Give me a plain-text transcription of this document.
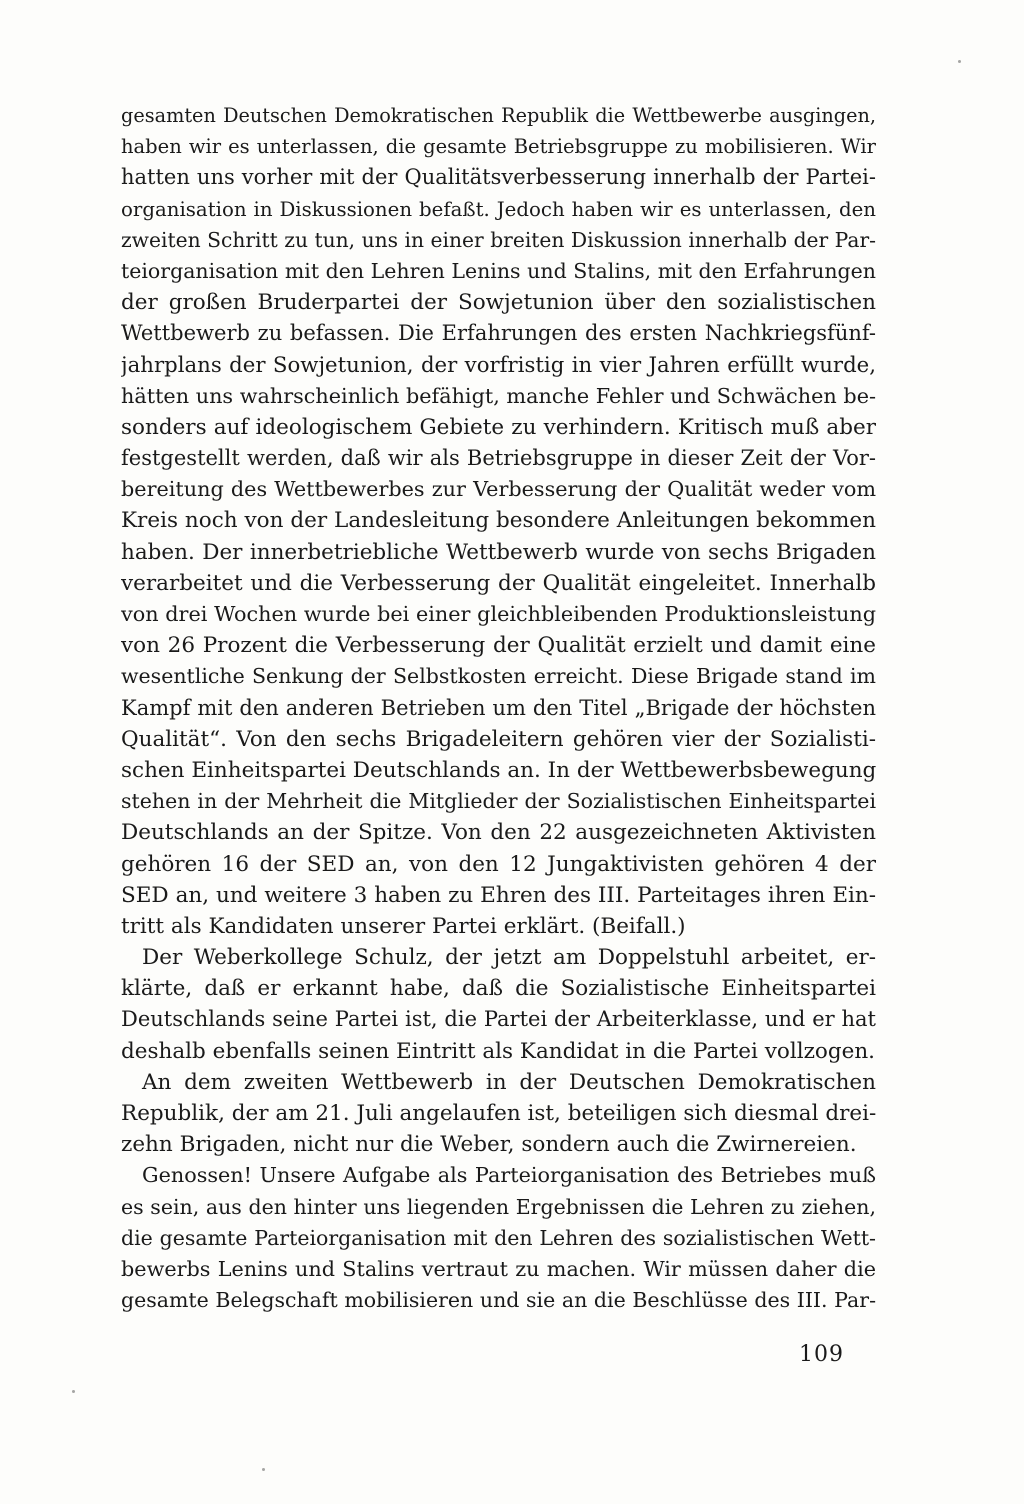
gesamten Deutschen Demokratischen Republik die Wettbewerbe ausgingen,
haben wir es unterlassen, die gesamte Betriebsgruppe zu mobilisieren. Wir
hatten uns vorher mit der Qualitätsverbesserung innerhalb der Partei-
organisation in Diskussionen befaßt. Jedoch haben wir es unterlassen, den
zweiten Schritt zu tun, uns in einer breiten Diskussion innerhalb der Par-
teiorganisation mit den Lehren Lenins und Stalins, mit den Erfahrungen
der großen Bruderpartei der Sowjetunion über den sozialistischen
Wettbewerb zu befassen. Die Erfahrungen des ersten Nachkriegsfünf-
jahrplans der Sowjetunion, der vorfristig in vier Jahren erfüllt wurde,
hätten uns wahrscheinlich befähigt, manche Fehler und Schwächen be-
sonders auf ideologischem Gebiete zu verhindern. Kritisch muß aber
festgestellt werden, daß wir als Betriebsgruppe in dieser Zeit der Vor-
bereitung des Wettbewerbes zur Verbesserung der Qualität weder vom
Kreis noch von der Landesleitung besondere Anleitungen bekommen
haben. Der innerbetriebliche Wettbewerb wurde von sechs Brigaden
verarbeitet und die Verbesserung der Qualität eingeleitet. Innerhalb
von drei Wochen wurde bei einer gleichbleibenden Produktionsleistung
von 26 Prozent die Verbesserung der Qualität erzielt und damit eine
wesentliche Senkung der Selbstkosten erreicht. Diese Brigade stand im
Kampf mit den anderen Betrieben um den Titel „Brigade der höchsten
Qualität“. Von den sechs Brigadeleitern gehören vier der Sozialisti-
schen Einheitspartei Deutschlands an. In der Wettbewerbsbewegung
stehen in der Mehrheit die Mitglieder der Sozialistischen Einheitspartei
Deutschlands an der Spitze. Von den 22 ausgezeichneten Aktivisten
gehören 16 der SED an, von den 12 Jungaktivisten gehören 4 der
SED an, und weitere 3 haben zu Ehren des III. Parteitages ihren Ein-
tritt als Kandidaten unserer Partei erklärt. (Beifall.)
Der Weberkollege Schulz, der jetzt am Doppelstuhl arbeitet, er-
klärte, daß er erkannt habe, daß die Sozialistische Einheitspartei
Deutschlands seine Partei ist, die Partei der Arbeiterklasse, und er hat
deshalb ebenfalls seinen Eintritt als Kandidat in die Partei vollzogen.
An dem zweiten Wettbewerb in der Deutschen Demokratischen
Republik, der am 21. Juli angelaufen ist, beteiligen sich diesmal drei-
zehn Brigaden, nicht nur die Weber, sondern auch die Zwirnereien.
Genossen! Unsere Aufgabe als Parteiorganisation des Betriebes muß
es sein, aus den hinter uns liegenden Ergebnissen die Lehren zu ziehen,
die gesamte Parteiorganisation mit den Lehren des sozialistischen Wett-
bewerbs Lenins und Stalins vertraut zu machen. Wir müssen daher die
gesamte Belegschaft mobilisieren und sie an die Beschlüsse des III. Par-
109
